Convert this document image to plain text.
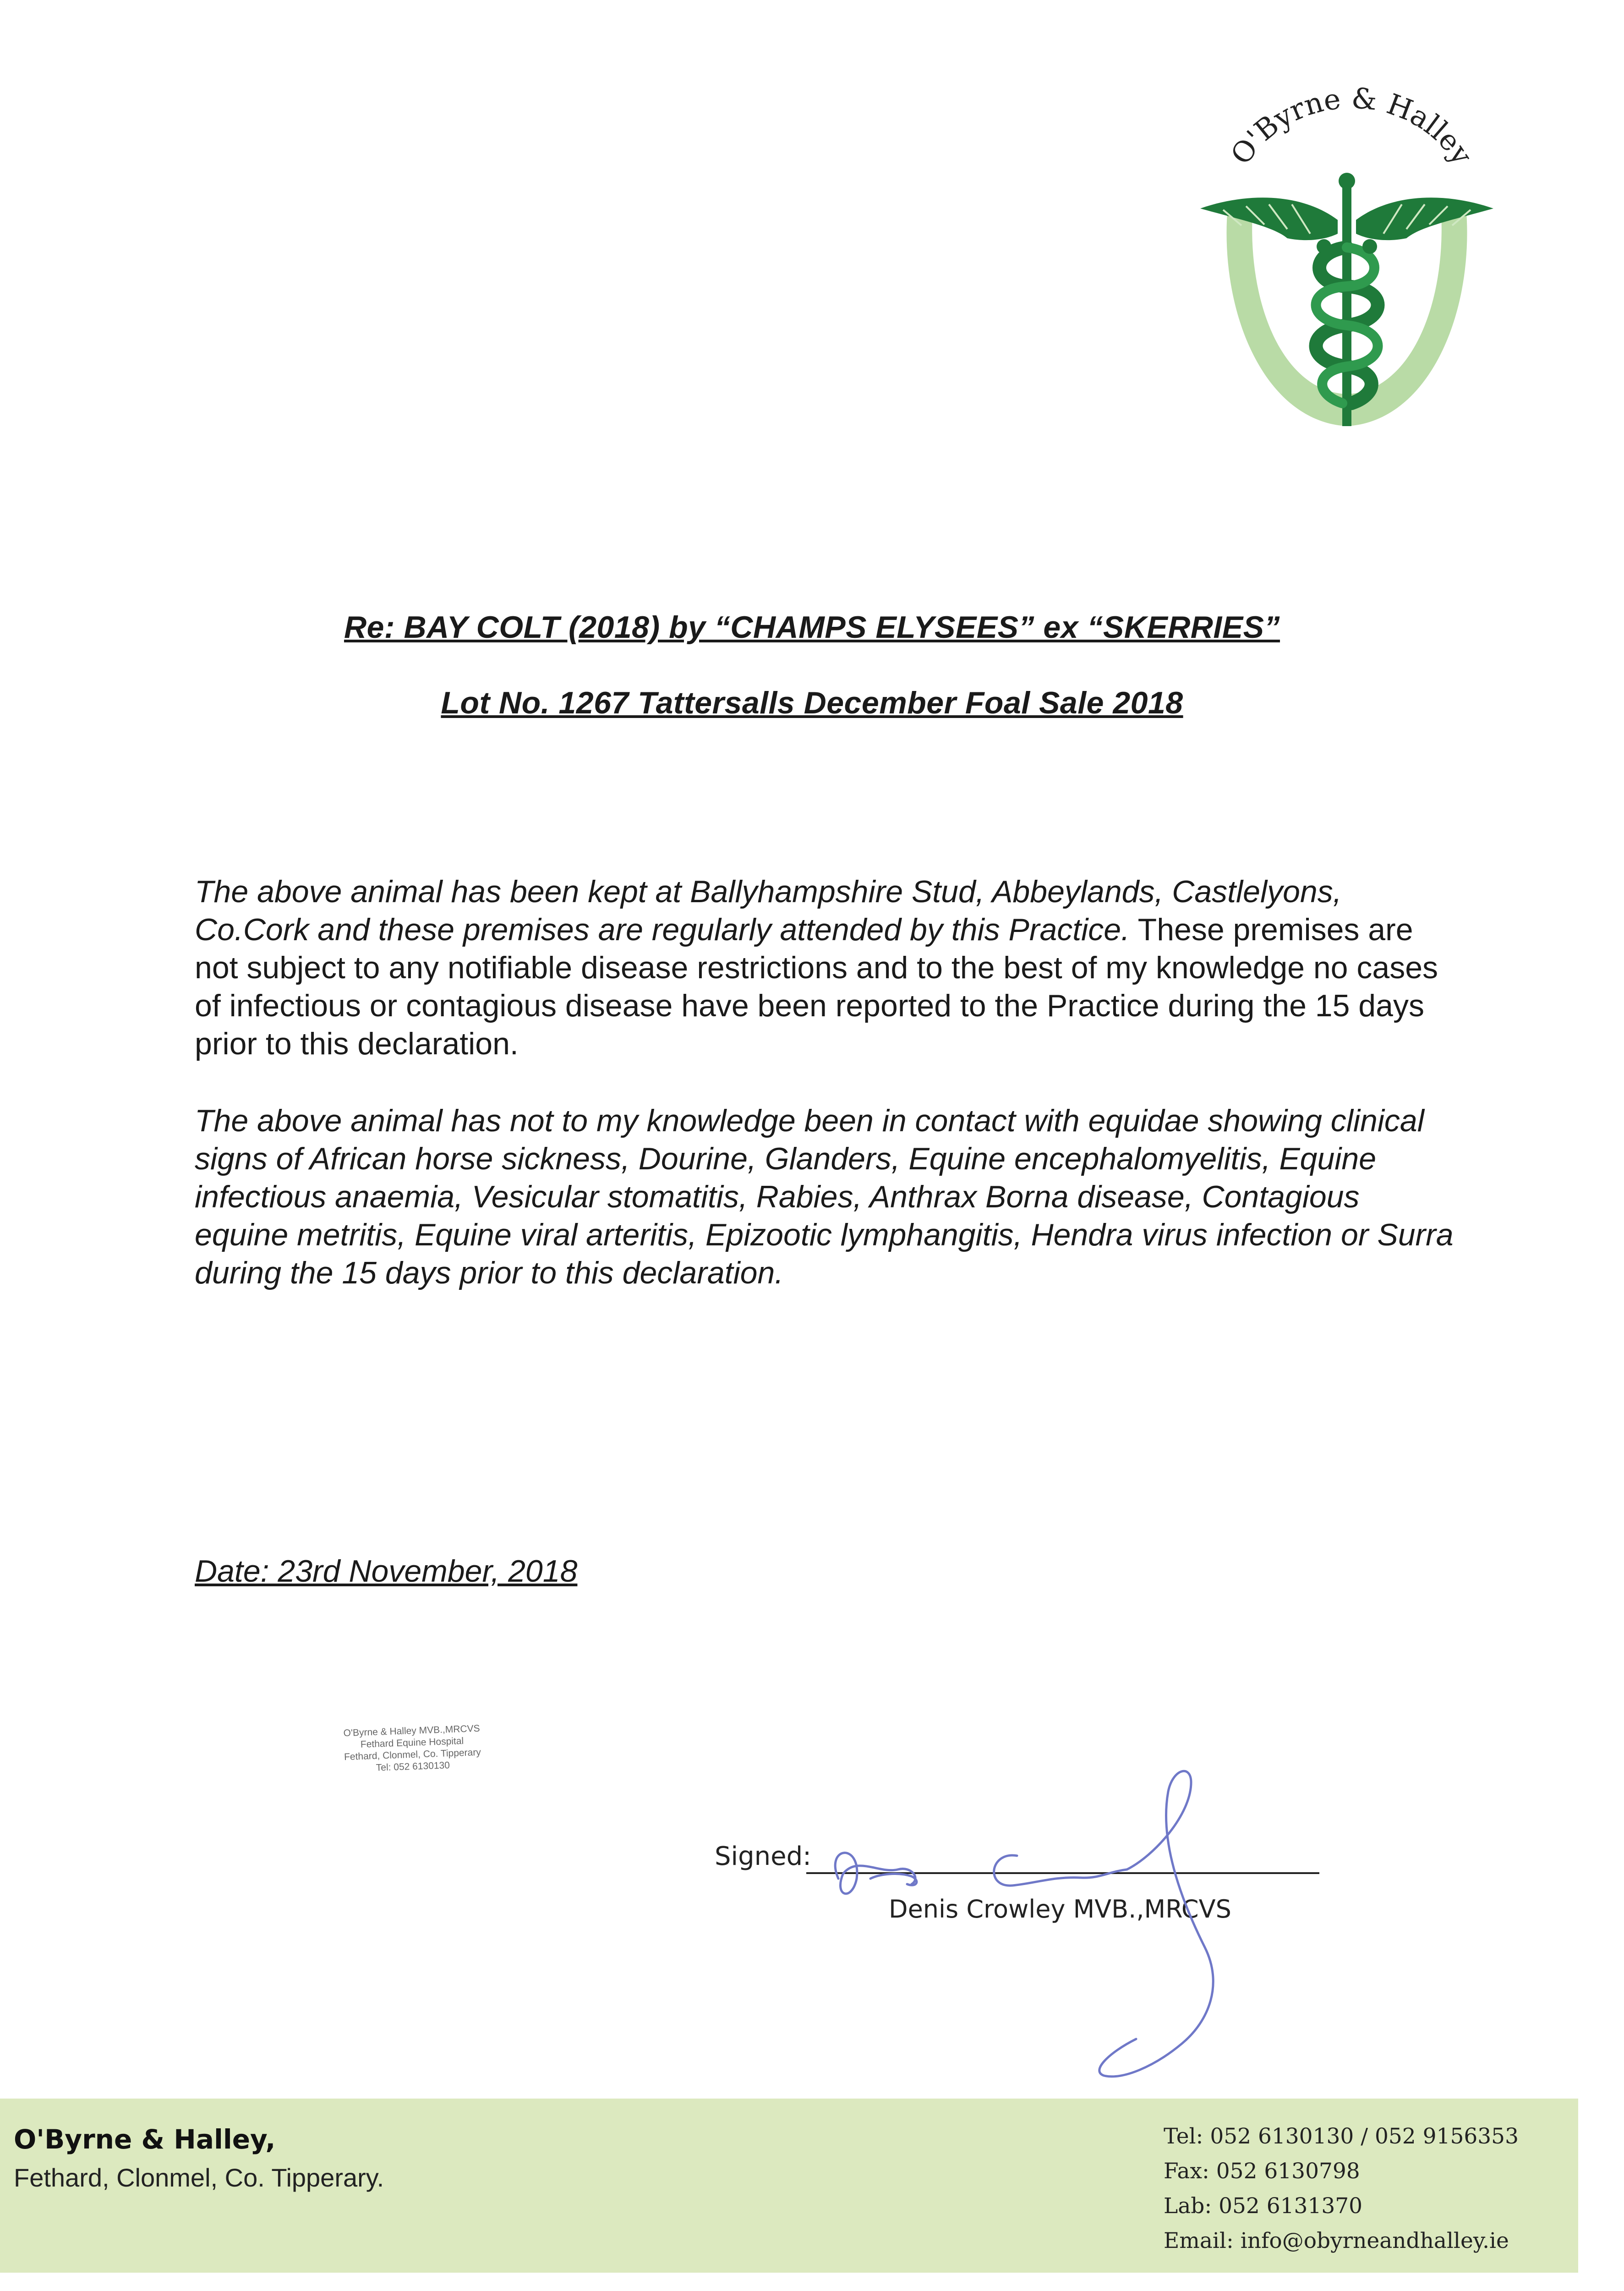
O'Byrne & Halley
Re: BAY COLT (2018) by “CHAMPS ELYSEES” ex “SKERRIES”
Lot No. 1267 Tattersalls December Foal Sale 2018
The above animal has been kept at Ballyhampshire Stud, Abbeylands, Castlelyons, Co.Cork and these premises are regularly attended by this Practice. These premises are not subject to any notifiable disease restrictions and to the best of my knowledge no cases of infectious or contagious disease have been reported to the Practice during the 15 days prior to this declaration.
The above animal has not to my knowledge been in contact with equidae showing clinical signs of African horse sickness, Dourine, Glanders, Equine encephalomyelitis, Equine infectious anaemia, Vesicular stomatitis, Rabies, Anthrax Borna disease, Contagious equine metritis, Equine viral arteritis, Epizootic lymphangitis, Hendra virus infection or Surra during the 15 days prior to this declaration.
Date: 23rd November, 2018
O'Byrne & Halley MVB.,MRCVS
Fethard Equine Hospital
Fethard, Clonmel, Co. Tipperary
Tel: 052 6130130
Signed:
Denis Crowley MVB.,MRCVS
O'Byrne & Halley,
Fethard, Clonmel, Co. Tipperary.
Tel: 052 6130130 / 052 9156353
Fax: 052 6130798
Lab: 052 6131370
Email: info@obyrneandhalley.ie
